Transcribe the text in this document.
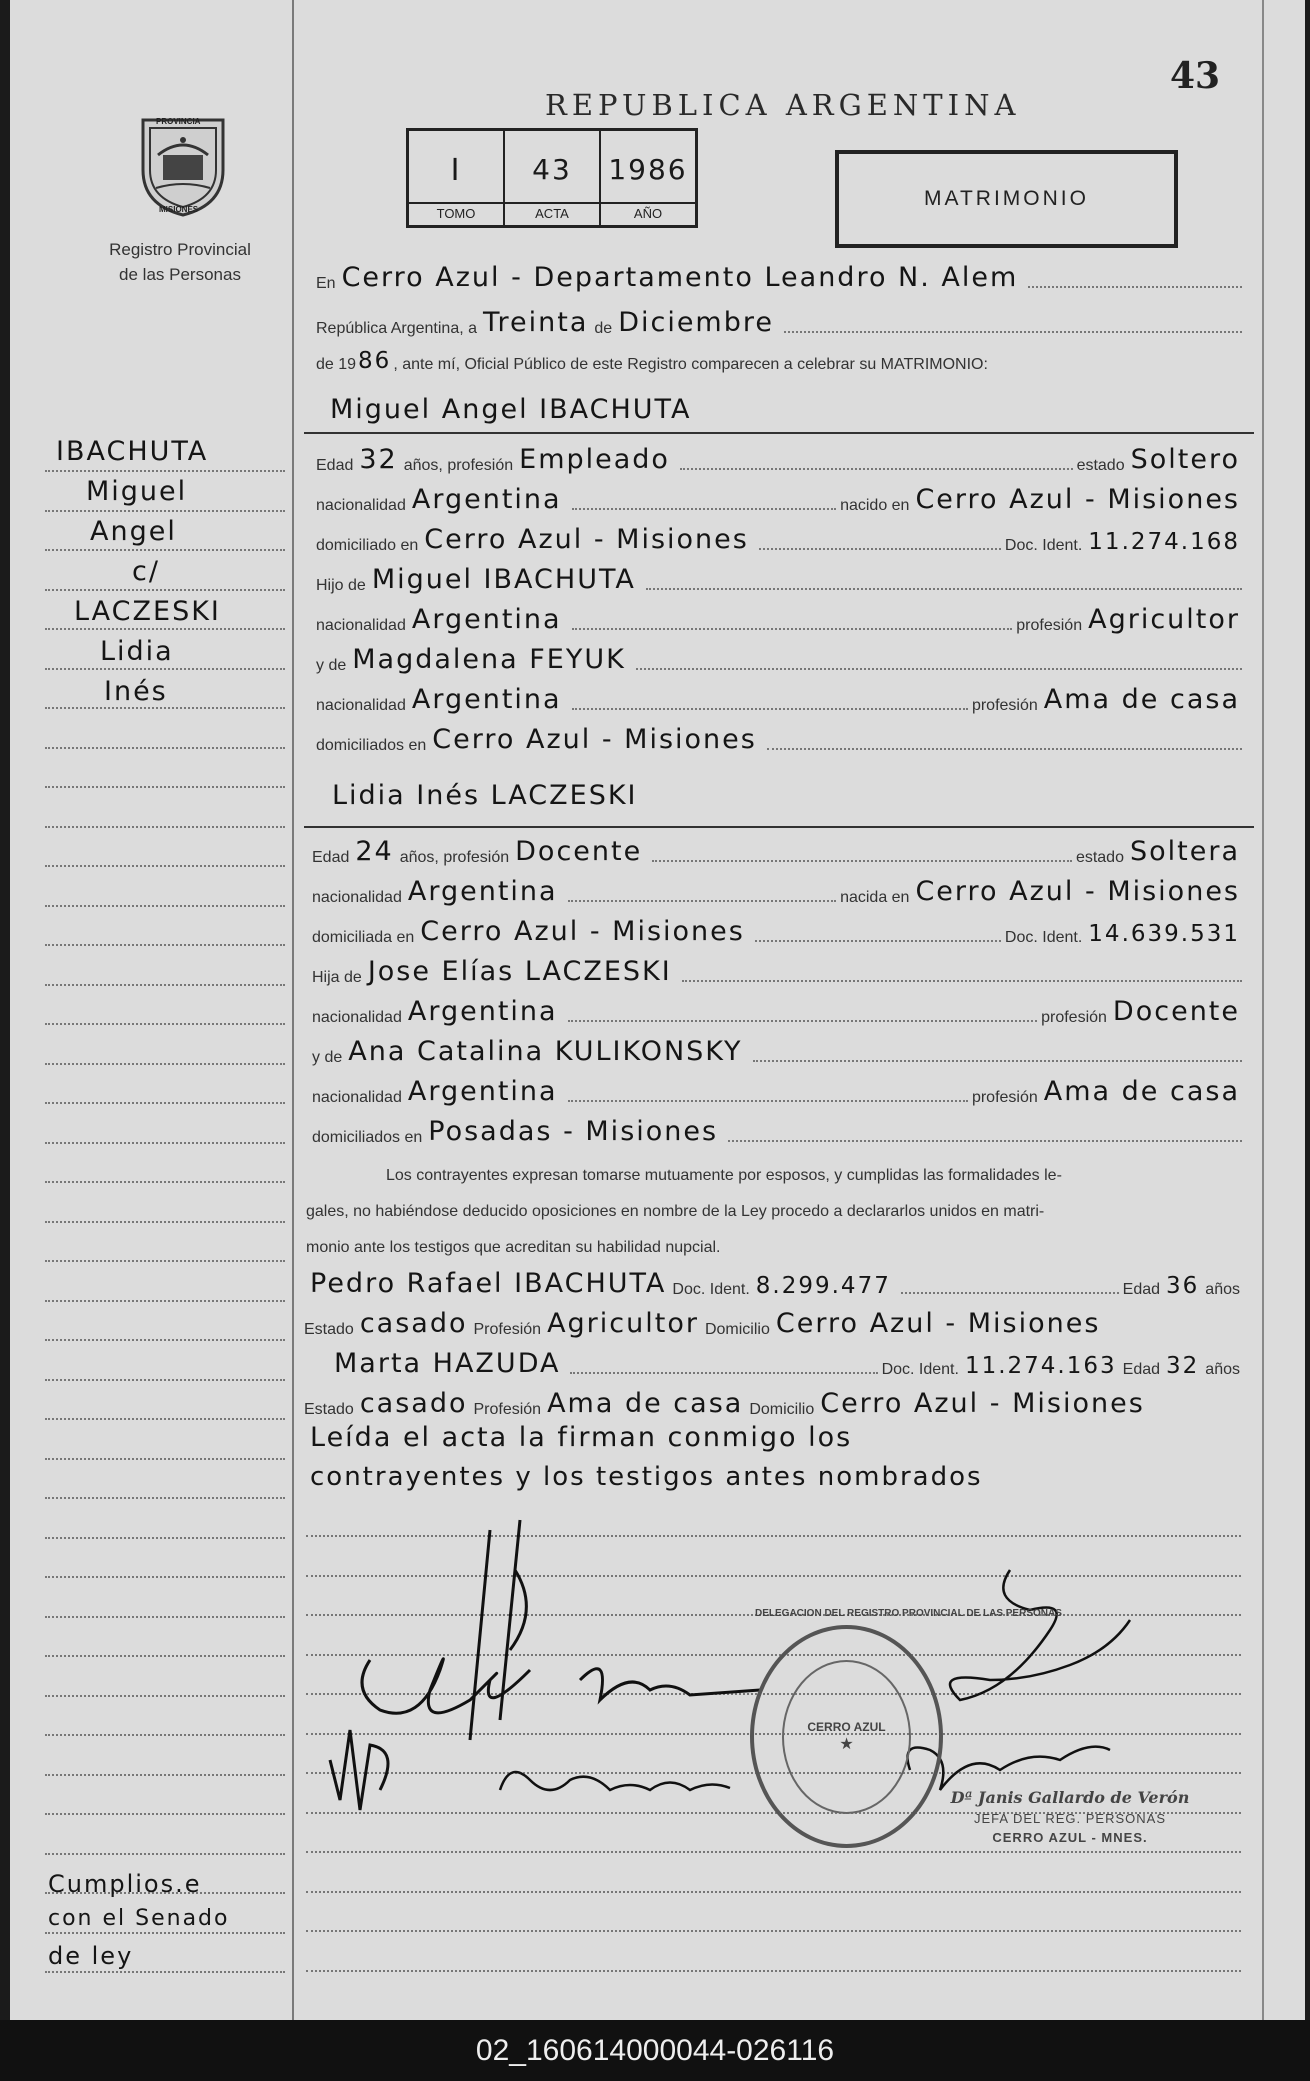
43
REPUBLICA ARGENTINA
PROVINCIA
MISIONES
Registro Provincial
de las Personas
I
TOMO
43
ACTA
1986
AÑO
MATRIMONIO
En Cerro Azul - Departamento Leandro N. Alem
República Argentina, a Treinta de Diciembre
de 19 86 , ante mí, Oficial Público de este Registro comparecen a celebrar su MATRIMONIO:
Miguel Angel IBACHUTA
Edad 32 años, profesión Empleado	estado Soltero
nacionalidad Argentina	nacido en Cerro Azul - Misiones
domiciliado en Cerro Azul - Misiones	Doc. Ident. 11.274.168
Hijo de Miguel IBACHUTA
nacionalidad Argentina	profesión Agricultor
y de Magdalena FEYUK
nacionalidad Argentina	profesión Ama de casa
domiciliados en Cerro Azul - Misiones
Lidia Inés LACZESKI
Edad 24 años, profesión Docente	estado Soltera
nacionalidad Argentina	nacida en Cerro Azul - Misiones
domiciliada en Cerro Azul - Misiones	Doc. Ident. 14.639.531
Hija de Jose Elías LACZESKI
nacionalidad Argentina	profesión Docente
y de Ana Catalina KULIKONSKY
nacionalidad Argentina	profesión Ama de casa
domiciliados en Posadas - Misiones
Los contrayentes expresan tomarse mutuamente por esposos, y cumplidas las formalidades le-
gales, no habiéndose deducido oposiciones en nombre de la Ley procedo a declararlos unidos en matri-
monio ante los testigos que acreditan su habilidad nupcial.
Pedro Rafael IBACHUTA Doc. Ident. 8.299.477	Edad 36 años
Estado casado Profesión Agricultor Domicilio Cerro Azul - Misiones
Marta HAZUDA	Doc. Ident. 11.274.163 Edad 32 años
Estado casado Profesión Ama de casa Domicilio Cerro Azul - Misiones
Leída el acta la firman conmigo los
contrayentes y los testigos antes nombrados
IBACHUTA
Miguel
Angel
c/
LACZESKI
Lidia
Inés
Cumplios.e
con el Senado
de ley
CERRO AZUL
★
DELEGACION DEL REGISTRO PROVINCIAL DE LAS PERSONAS
Dª Janis Gallardo de Verón
JEFA DEL REG. PERSONAS
CERRO AZUL - MNES.
02_160614000044-026116
